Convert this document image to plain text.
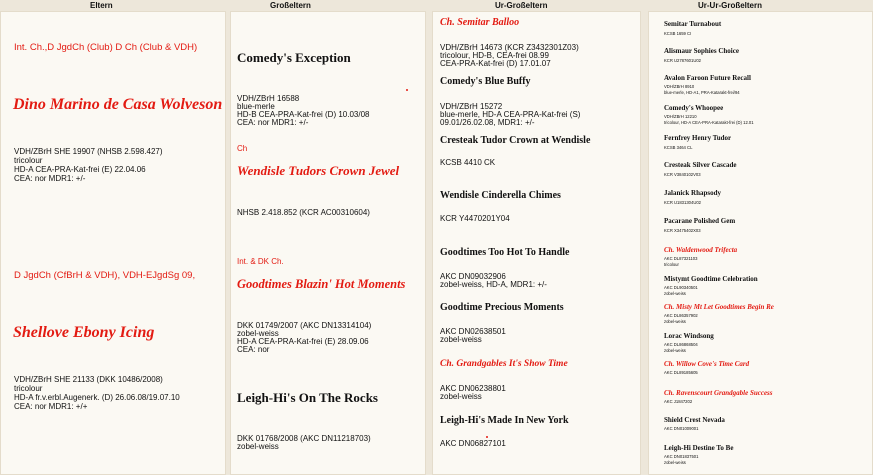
Eltern	Großeltern	Ur-Großeltern	Ur-Ur-Großeltern
Int. Ch.,D JgdCh (Club) D Ch (Club & VDH)
Dino Marino de Casa Wolveson
VDH/ZBrH SHE 19907 (NHSB 2.598.427)
tricolour
HD-A CEA-PRA-Kat-frei (E) 22.04.06
CEA: nor MDR1: +/-
D JgdCh (CfBrH & VDH), VDH-EJgdSg 09,
Shellove Ebony Icing
VDH/ZBrH SHE 21133 (DKK 10486/2008)
tricolour
HD-A fr.v.erbl.Augenerk. (D) 26.06.08/19.07.10
CEA: nor MDR1: +/+
Comedy's Exception
VDH/ZBrH 16588
blue-merle
HD-B CEA-PRA-Kat-frei (D) 10.03/08
CEA: nor MDR1: +/-
Ch
Wendisle Tudors Crown Jewel
NHSB 2.418.852 (KCR AC00310604)
Int. & DK Ch.
Goodtimes Blazin' Hot Moments
DKK 01749/2007 (AKC DN13314104)
zobel-weiss
HD-A CEA-PRA-Kat-frei (E) 28.09.06
CEA: nor
Leigh-Hi's On The Rocks
DKK 01768/2008 (AKC DN11218703)
zobel-weiss
Ch. Semitar Balloo
VDH/ZBrH 14673 (KCR Z3432301Z03)
tricolour, HD-B, CEA-frei 08.99
CEA-PRA-Kat-frei (D) 17.01.07
Comedy's Blue Buffy
VDH/ZBrH 15272
blue-merle, HD-A CEA-PRA-Kat-frei (S)
09.01/26.02.08, MDR1: +/-
Cresteak Tudor Crown at Wendisle
KCSB 4410 CK
Wendisle Cinderella Chimes
KCR Y4470201Y04
Goodtimes Too Hot To Handle
AKC DN09032906
zobel-weiss, HD-A, MDR1: +/-
Goodtime Precious Moments
AKC DN02638501
zobel-weiss
Ch. Grandgables It's Show Time
AKC DN06238801
zobel-weiss
Leigh-Hi's Made In New York
AKC DN06827101
Semitar Turnabout
KCSB 1659 CI
Alismaur Sophies Choice
KCR U2787601U02
Avalon Faroon Future Recall
VDH/ZBrH 8910
blue-merle, HD-A1, PRA-Katarakt-frei/94
Comedy's Whoopee
VDH/ZBrH 12210
tricolour, HD-A CEA-PRA-Katarakt-frei (D) 12.01
Fernfrey Henry Tudor
KCSB 3464 CL
Cresteak Silver Cascade
KCR V3840102V03
Jalanick Rhapsody
KCR U1831304U02
Pacarane Polished Gem
KCR X3475402X03
Ch. Waldenwood Trifecta
AKC DL87321103
tricolour
Mistymt Goodtime Celebration
AKC DL90340501
zobel-weiss
Ch. Misty Mt Let Goodtimes Begin Re
AKC DL86357902
zobel-weiss
Lorac Windsong
AKC DL86868504
zobel-weiss
Ch. Willow Cove's Time Card
AKC DL89185605
Ch. Ravenscourt Grandgable Success
AKC J1847202
Shield Crest Nevada
AKC DN01009001
Leigh-Hi Destine To Be
AKC DN01837501
zobel-weiss
